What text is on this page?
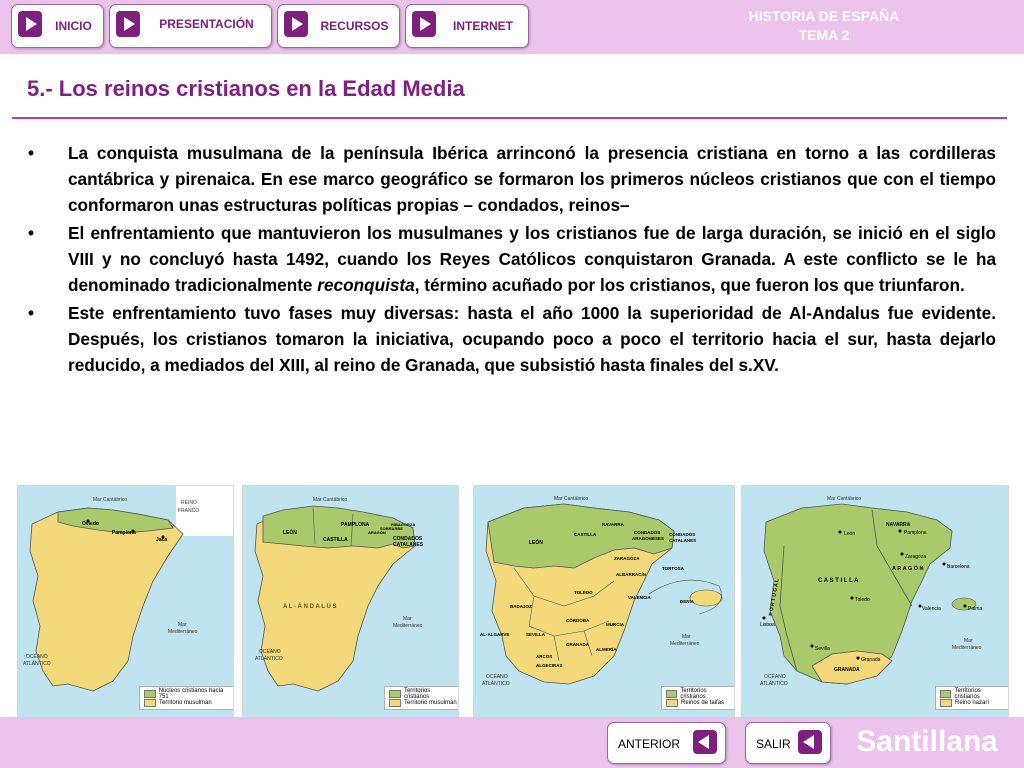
INICIO	PRESENTACIÓN	RECURSOS	INTERNET
HISTORIA DE ESPAÑA
TEMA 2
5.- Los reinos cristianos en la Edad Media
• La conquista musulmana de la península Ibérica arrinconó la presencia cristiana en torno a las cordilleras cantábrica y pirenaica. En ese marco geográfico se formaron los primeros núcleos cristianos que con el tiempo conformaron unas estructuras políticas propias – condados, reinos–
• El enfrentamiento que mantuvieron los musulmanes y los cristianos fue de larga duración, se inició en el siglo VIII y no concluyó hasta 1492, cuando los Reyes Católicos conquistaron Granada. A este conflicto se le ha denominado tradicionalmente reconquista, término acuñado por los cristianos, que fueron los que triunfaron.
• Este enfrentamiento tuvo fases muy diversas: hasta el año 1000 la superioridad de Al-Andalus fue evidente. Después, los cristianos tomaron la iniciativa, ocupando poco a poco el territorio hacia el sur, hasta dejarlo reducido, a mediados del XIII, al reino de Granada, que subsistió hasta finales del s.XV.
Mar Cantábrico	REINO
FRANCO
Oviedo
Pamplona
Jaca
Mar
Mediterráneo
OCÉANO
ATLÁNTICO
Núcleos cristianos hacia 751
Territorio musulmán
Mar Cantábrico
LEÓN
PAMPLONA
CASTILLA
ARAGÓN
SOBRARBE
RIBAGORZA
CONDADOS
CATALANES
A L - Á N D A L U S
Mar
Mediterráneo
OCÉANO
ATLÁNTICO
Territorios cristianos
Territorio musulmán
Mar Cantábrico
LEÓN
CASTILLA
NAVARRA
CONDADOS
ARAGONESES
CONDADOS
CATALANES
ZARAGOZA
TORTOSA
ALBARRACÍN
TOLEDO
BADAJOZ
VALENCIA
DENIA
CÓRDOBA
MURCIA
SEVILLA
GRANADA
ALMERÍA
AL-ALGARVE
ARCOS
ALGECIRAS
Mar
Mediterráneo
OCÉANO
ATLÁNTICO
Territorios cristianos
Reinos de taifas
Mar Cantábrico
NAVARRA
León	Pamplona
Zaragoza
A R A G Ó N	Barcelona
C A S T I L L A
P O R T U G A L	Toledo
Valencia	Palma
Lisboa
Sevilla
Granada
GRANADA
Mar
Mediterráneo
OCÉANO
ATLÁNTICO
Territorios cristianos
Reino nazarí
ANTERIOR	SALIR Santillana
